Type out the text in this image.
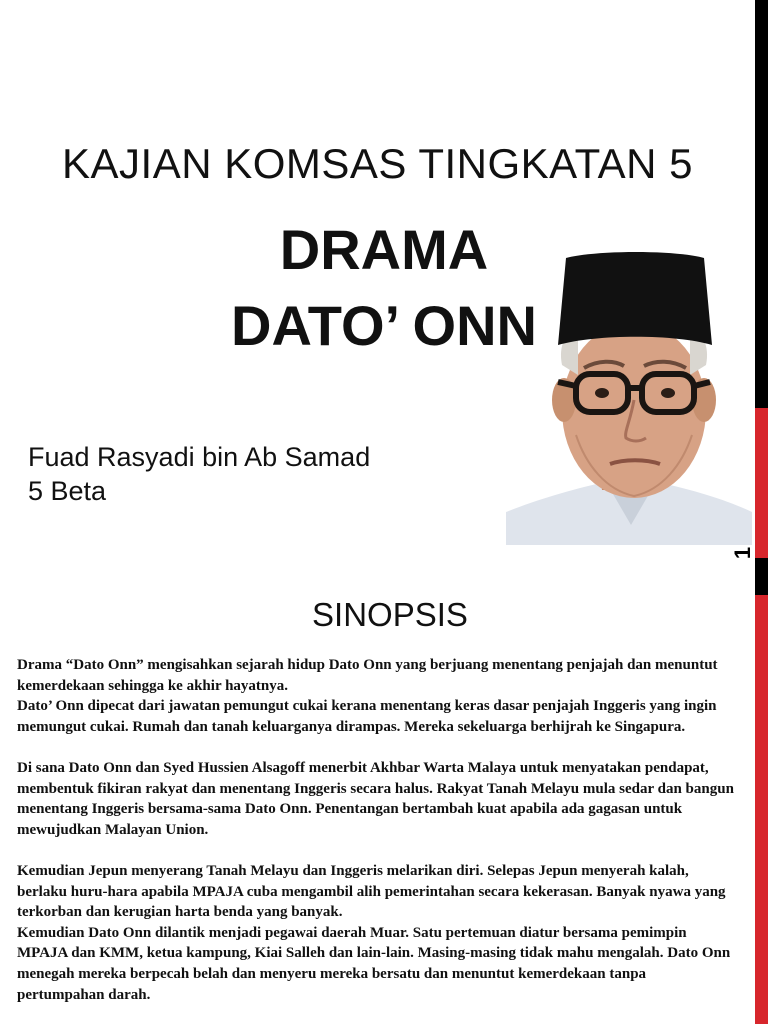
1
KAJIAN KOMSAS TINGKATAN 5
DRAMA
DATO’ ONN
Fuad Rasyadi bin Ab Samad
5 Beta
SINOPSIS

Drama “Dato Onn” mengisahkan sejarah hidup Dato Onn yang berjuang menentang penjajah dan menuntut kemerdekaan sehingga ke akhir hayatnya.

Dato’ Onn dipecat dari jawatan pemungut cukai kerana menentang keras dasar penjajah Inggeris yang ingin memungut cukai. Rumah dan tanah keluarganya dirampas. Mereka sekeluarga berhijrah ke Singapura.

Di sana Dato Onn dan Syed Hussien Alsagoff menerbit Akhbar Warta Malaya untuk menyatakan pendapat, membentuk fikiran rakyat dan menentang Inggeris secara halus. Rakyat Tanah Melayu mula sedar dan bangun menentang Inggeris bersama-sama Dato Onn. Penentangan bertambah kuat apabila ada gagasan untuk mewujudkan Malayan Union.

Kemudian Jepun menyerang Tanah Melayu dan Inggeris melarikan diri. Selepas Jepun menyerah kalah, berlaku huru-hara apabila MPAJA cuba mengambil alih pemerintahan secara kekerasan. Banyak nyawa yang terkorban dan kerugian harta benda yang banyak.

Kemudian Dato Onn dilantik menjadi pegawai daerah Muar. Satu pertemuan diatur bersama pemimpin MPAJA dan KMM, ketua kampung, Kiai Salleh dan lain-lain. Masing-masing tidak mahu mengalah. Dato Onn menegah mereka berpecah belah dan menyeru mereka bersatu dan menuntut kemerdekaan tanpa pertumpahan darah.
